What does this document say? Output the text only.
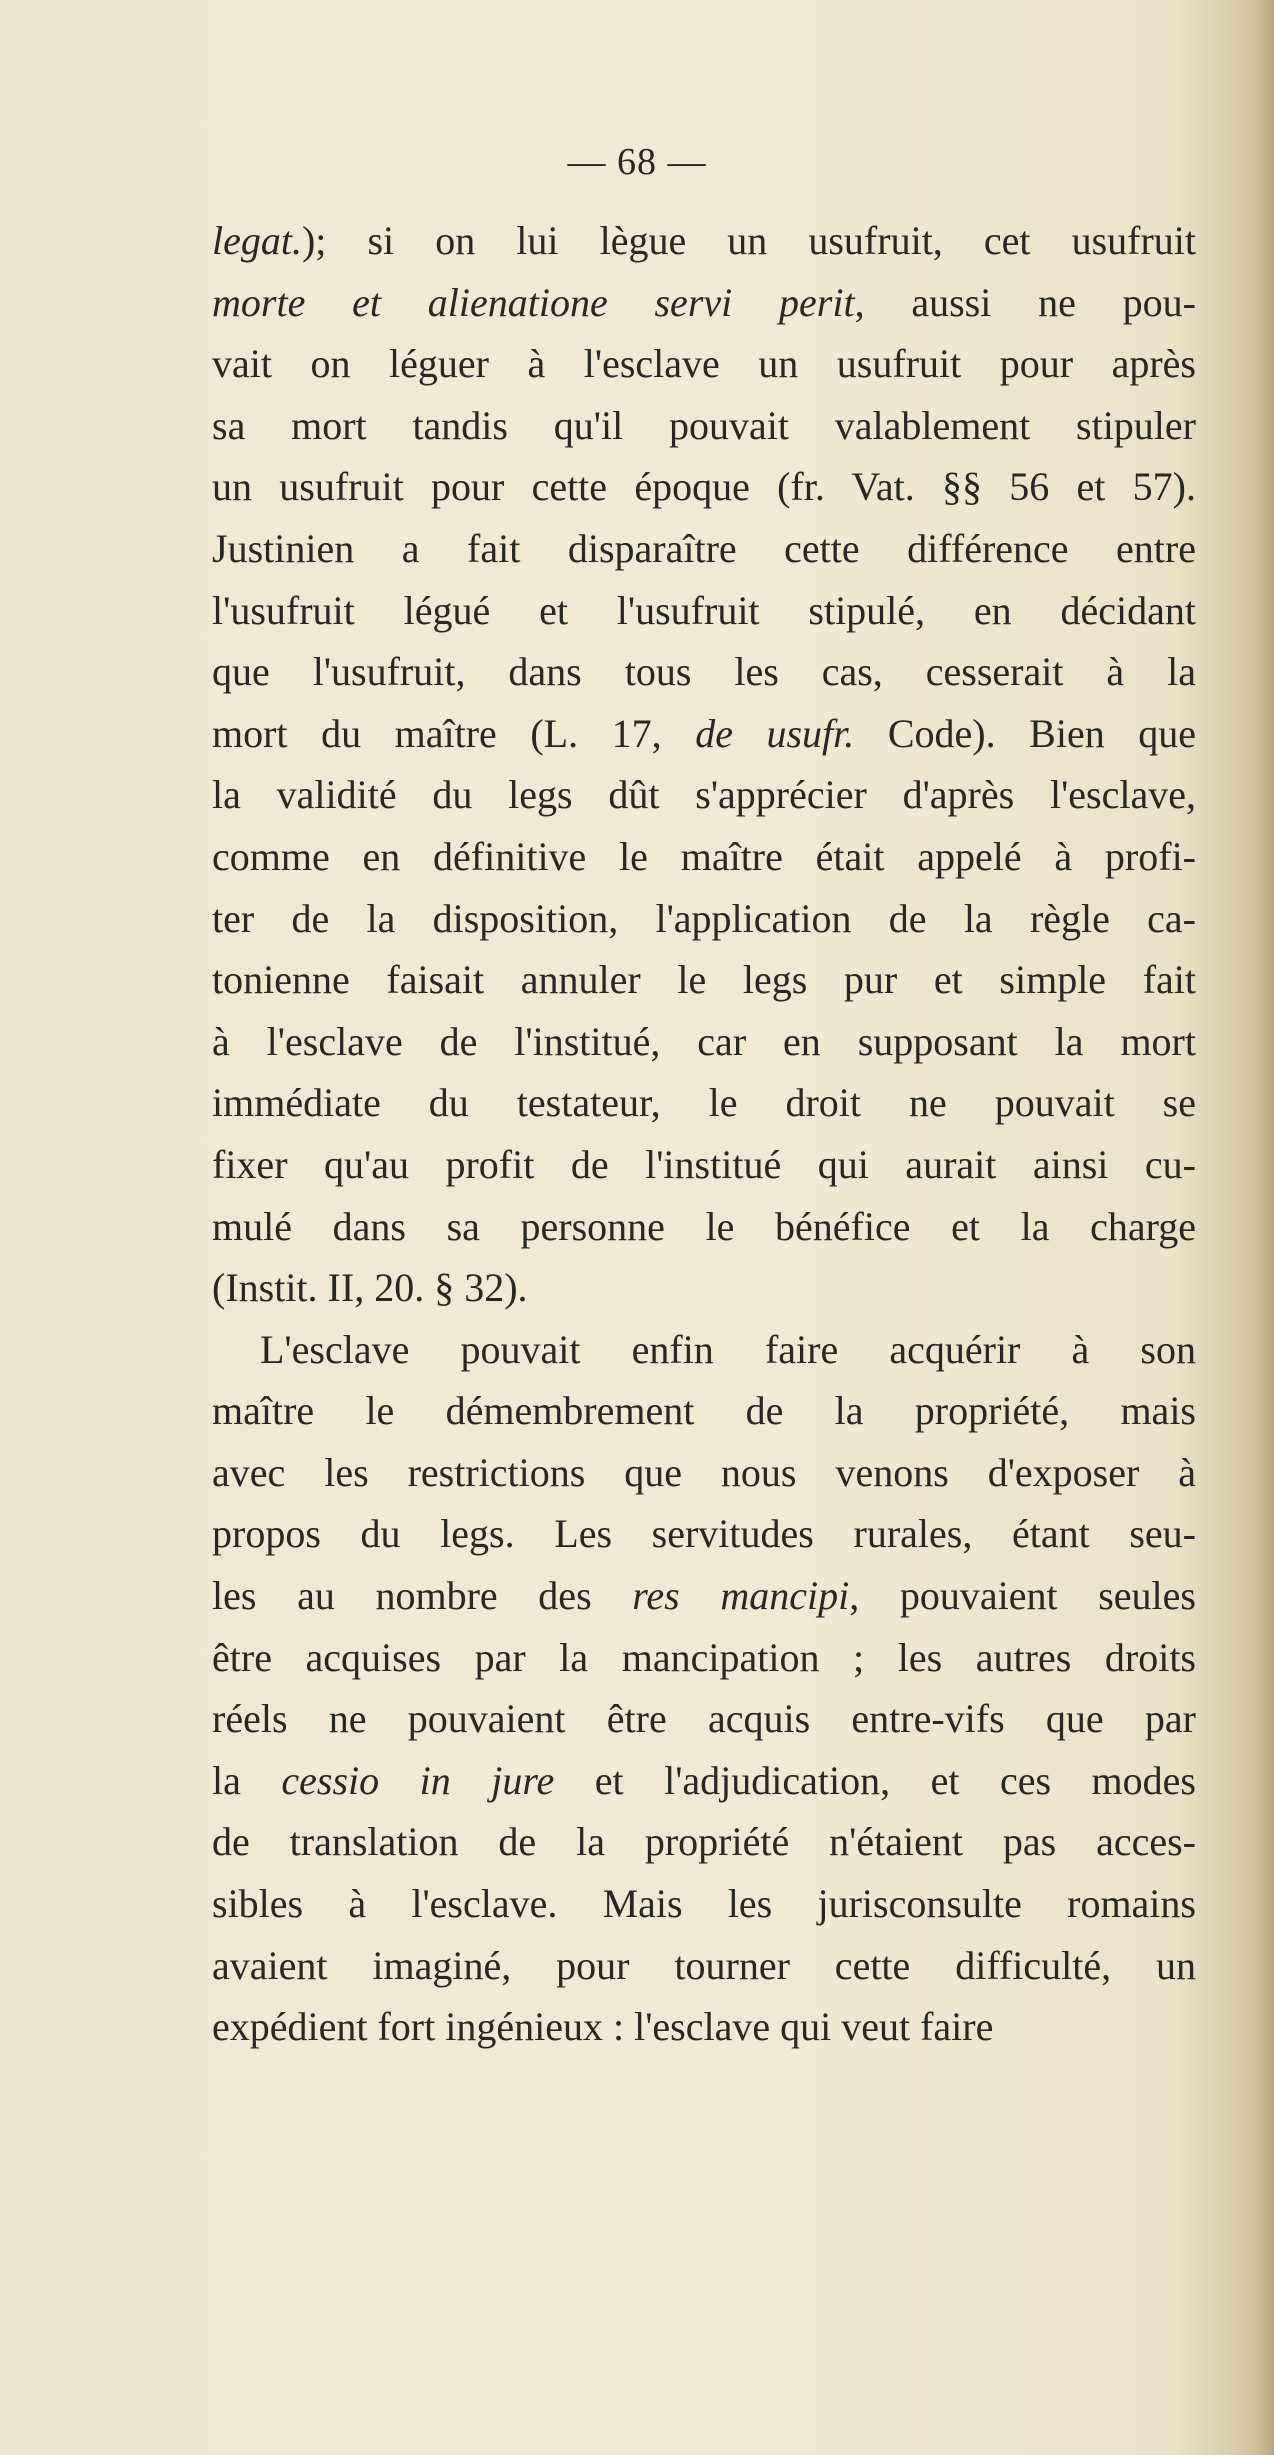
— 68 —
legat.); si on lui lègue un usufruit, cet usufruit
morte et alienatione servi perit, aussi ne pou-
vait on léguer à l'esclave un usufruit pour après
sa mort tandis qu'il pouvait valablement stipuler
un usufruit pour cette époque (fr. Vat. §§ 56 et 57).
Justinien a fait disparaître cette différence entre
l'usufruit légué et l'usufruit stipulé, en décidant
que l'usufruit, dans tous les cas, cesserait à la
mort du maître (L. 17, de usufr. Code). Bien que
la validité du legs dût s'apprécier d'après l'esclave,
comme en définitive le maître était appelé à profi-
ter de la disposition, l'application de la règle ca-
tonienne faisait annuler le legs pur et simple fait
à l'esclave de l'institué, car en supposant la mort
immédiate du testateur, le droit ne pouvait se
fixer qu'au profit de l'institué qui aurait ainsi cu-
mulé dans sa personne le bénéfice et la charge
(Instit. II, 20. § 32).
L'esclave pouvait enfin faire acquérir à son
maître le démembrement de la propriété, mais
avec les restrictions que nous venons d'exposer à
propos du legs. Les servitudes rurales, étant seu-
les au nombre des res mancipi, pouvaient seules
être acquises par la mancipation ; les autres droits
réels ne pouvaient être acquis entre-vifs que par
la cessio in jure et l'adjudication, et ces modes
de translation de la propriété n'étaient pas acces-
sibles à l'esclave. Mais les jurisconsulte romains
avaient imaginé, pour tourner cette difficulté, un
expédient fort ingénieux : l'esclave qui veut faire
